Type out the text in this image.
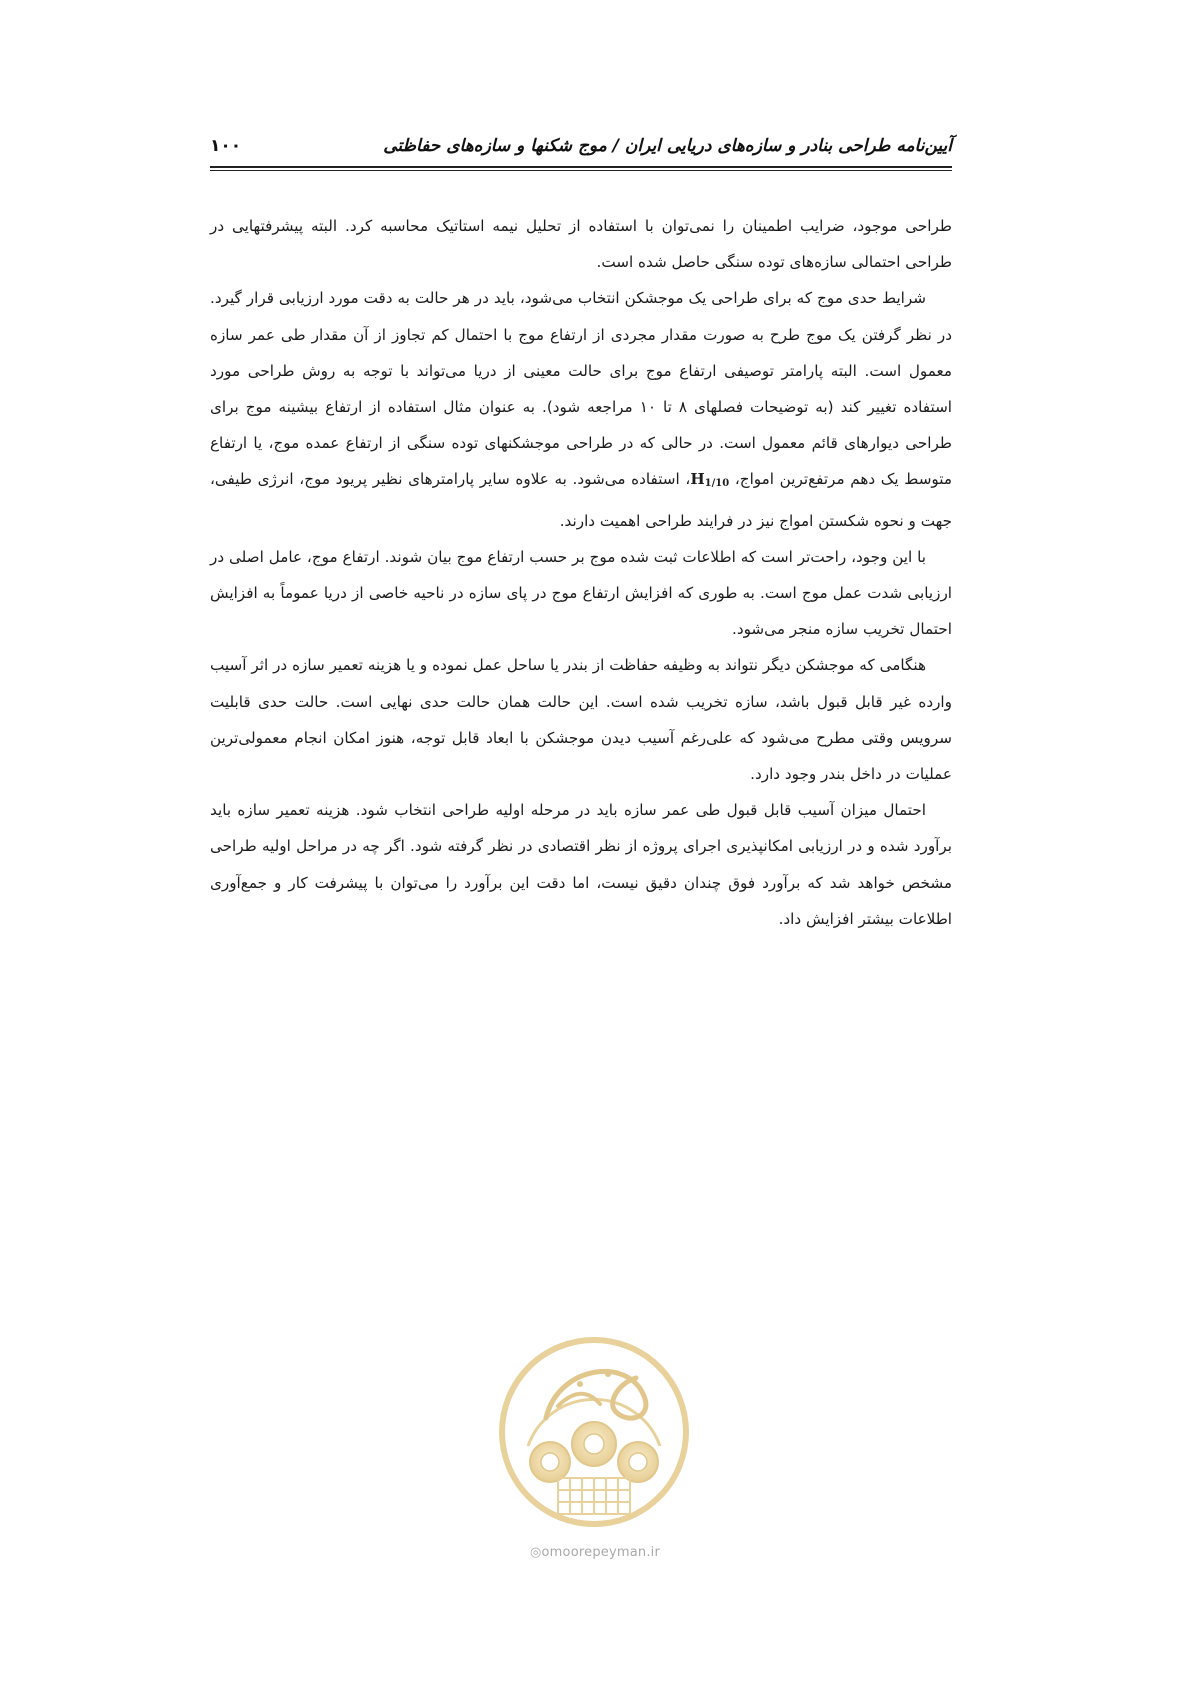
آیین‌نامه طراحی بنادر و سازه‌های دریایی ایران / موج شکنها و سازه‌های حفاظتی
۱۰۰

طراحی موجود، ضرایب اطمینان را نمی‌توان با استفاده از تحلیل نیمه استاتیک محاسبه کرد. البته پیشرفتهایی در طراحی احتمالی سازه‌های توده سنگی حاصل شده است.

شرایط حدی موج که برای طراحی یک موجشکن انتخاب می‌شود، باید در هر حالت به دقت مورد ارزیابی قرار گیرد. در نظر گرفتن یک موج طرح به صورت مقدار مجردی از ارتفاع موج با احتمال کم تجاوز از آن مقدار طی عمر سازه معمول است. البته پارامتر توصیفی ارتفاع موج برای حالت معینی از دریا می‌تواند با توجه به روش طراحی مورد استفاده تغییر کند (به توضیحات فصلهای ۸ تا ۱۰ مراجعه شود). به عنوان مثال استفاده از ارتفاع بیشینه موج برای طراحی دیوارهای قائم معمول است. در حالی که در طراحی موجشکنهای توده سنگی از ارتفاع عمده موج، یا ارتفاع متوسط یک دهم مرتفع‌ترین امواج، $H_{1/10}،$ استفاده می‌شود. به علاوه سایر پارامترهای نظیر پریود موج، انرژی طیفی، جهت و نحوه شکستن امواج نیز در فرایند طراحی اهمیت دارند.

با این وجود، راحت‌تر است که اطلاعات ثبت شده موج بر حسب ارتفاع موج بیان شوند. ارتفاع موج، عامل اصلی در ارزیابی شدت عمل موج است. به طوری که افزایش ارتفاع موج در پای سازه در ناحیه خاصی از دریا عموماً به افزایش احتمال تخریب سازه منجر می‌شود.

هنگامی که موجشکن دیگر نتواند به وظیفه حفاظت از بندر یا ساحل عمل نموده و یا هزینه تعمیر سازه در اثر آسیب وارده غیر قابل قبول باشد، سازه تخریب شده است. این حالت همان حالت حدی نهایی است. حالت حدی قابلیت سرویس وقتی مطرح می‌شود که علی‌رغم آسیب دیدن موجشکن با ابعاد قابل توجه، هنوز امکان انجام معمولی‌ترین عملیات در داخل بندر وجود دارد.

احتمال میزان آسیب قابل قبول طی عمر سازه باید در مرحله اولیه طراحی انتخاب شود. هزینه تعمیر سازه باید برآورد شده و در ارزیابی امکانپذیری اجرای پروژه از نظر اقتصادی در نظر گرفته شود. اگر چه در مراحل اولیه طراحی مشخص خواهد شد که برآورد فوق چندان دقیق نیست، اما دقت این برآورد را می‌توان با پیشرفت کار و جمع‌آوری اطلاعات بیشتر افزایش داد.

◎omoorepeyman.ir
